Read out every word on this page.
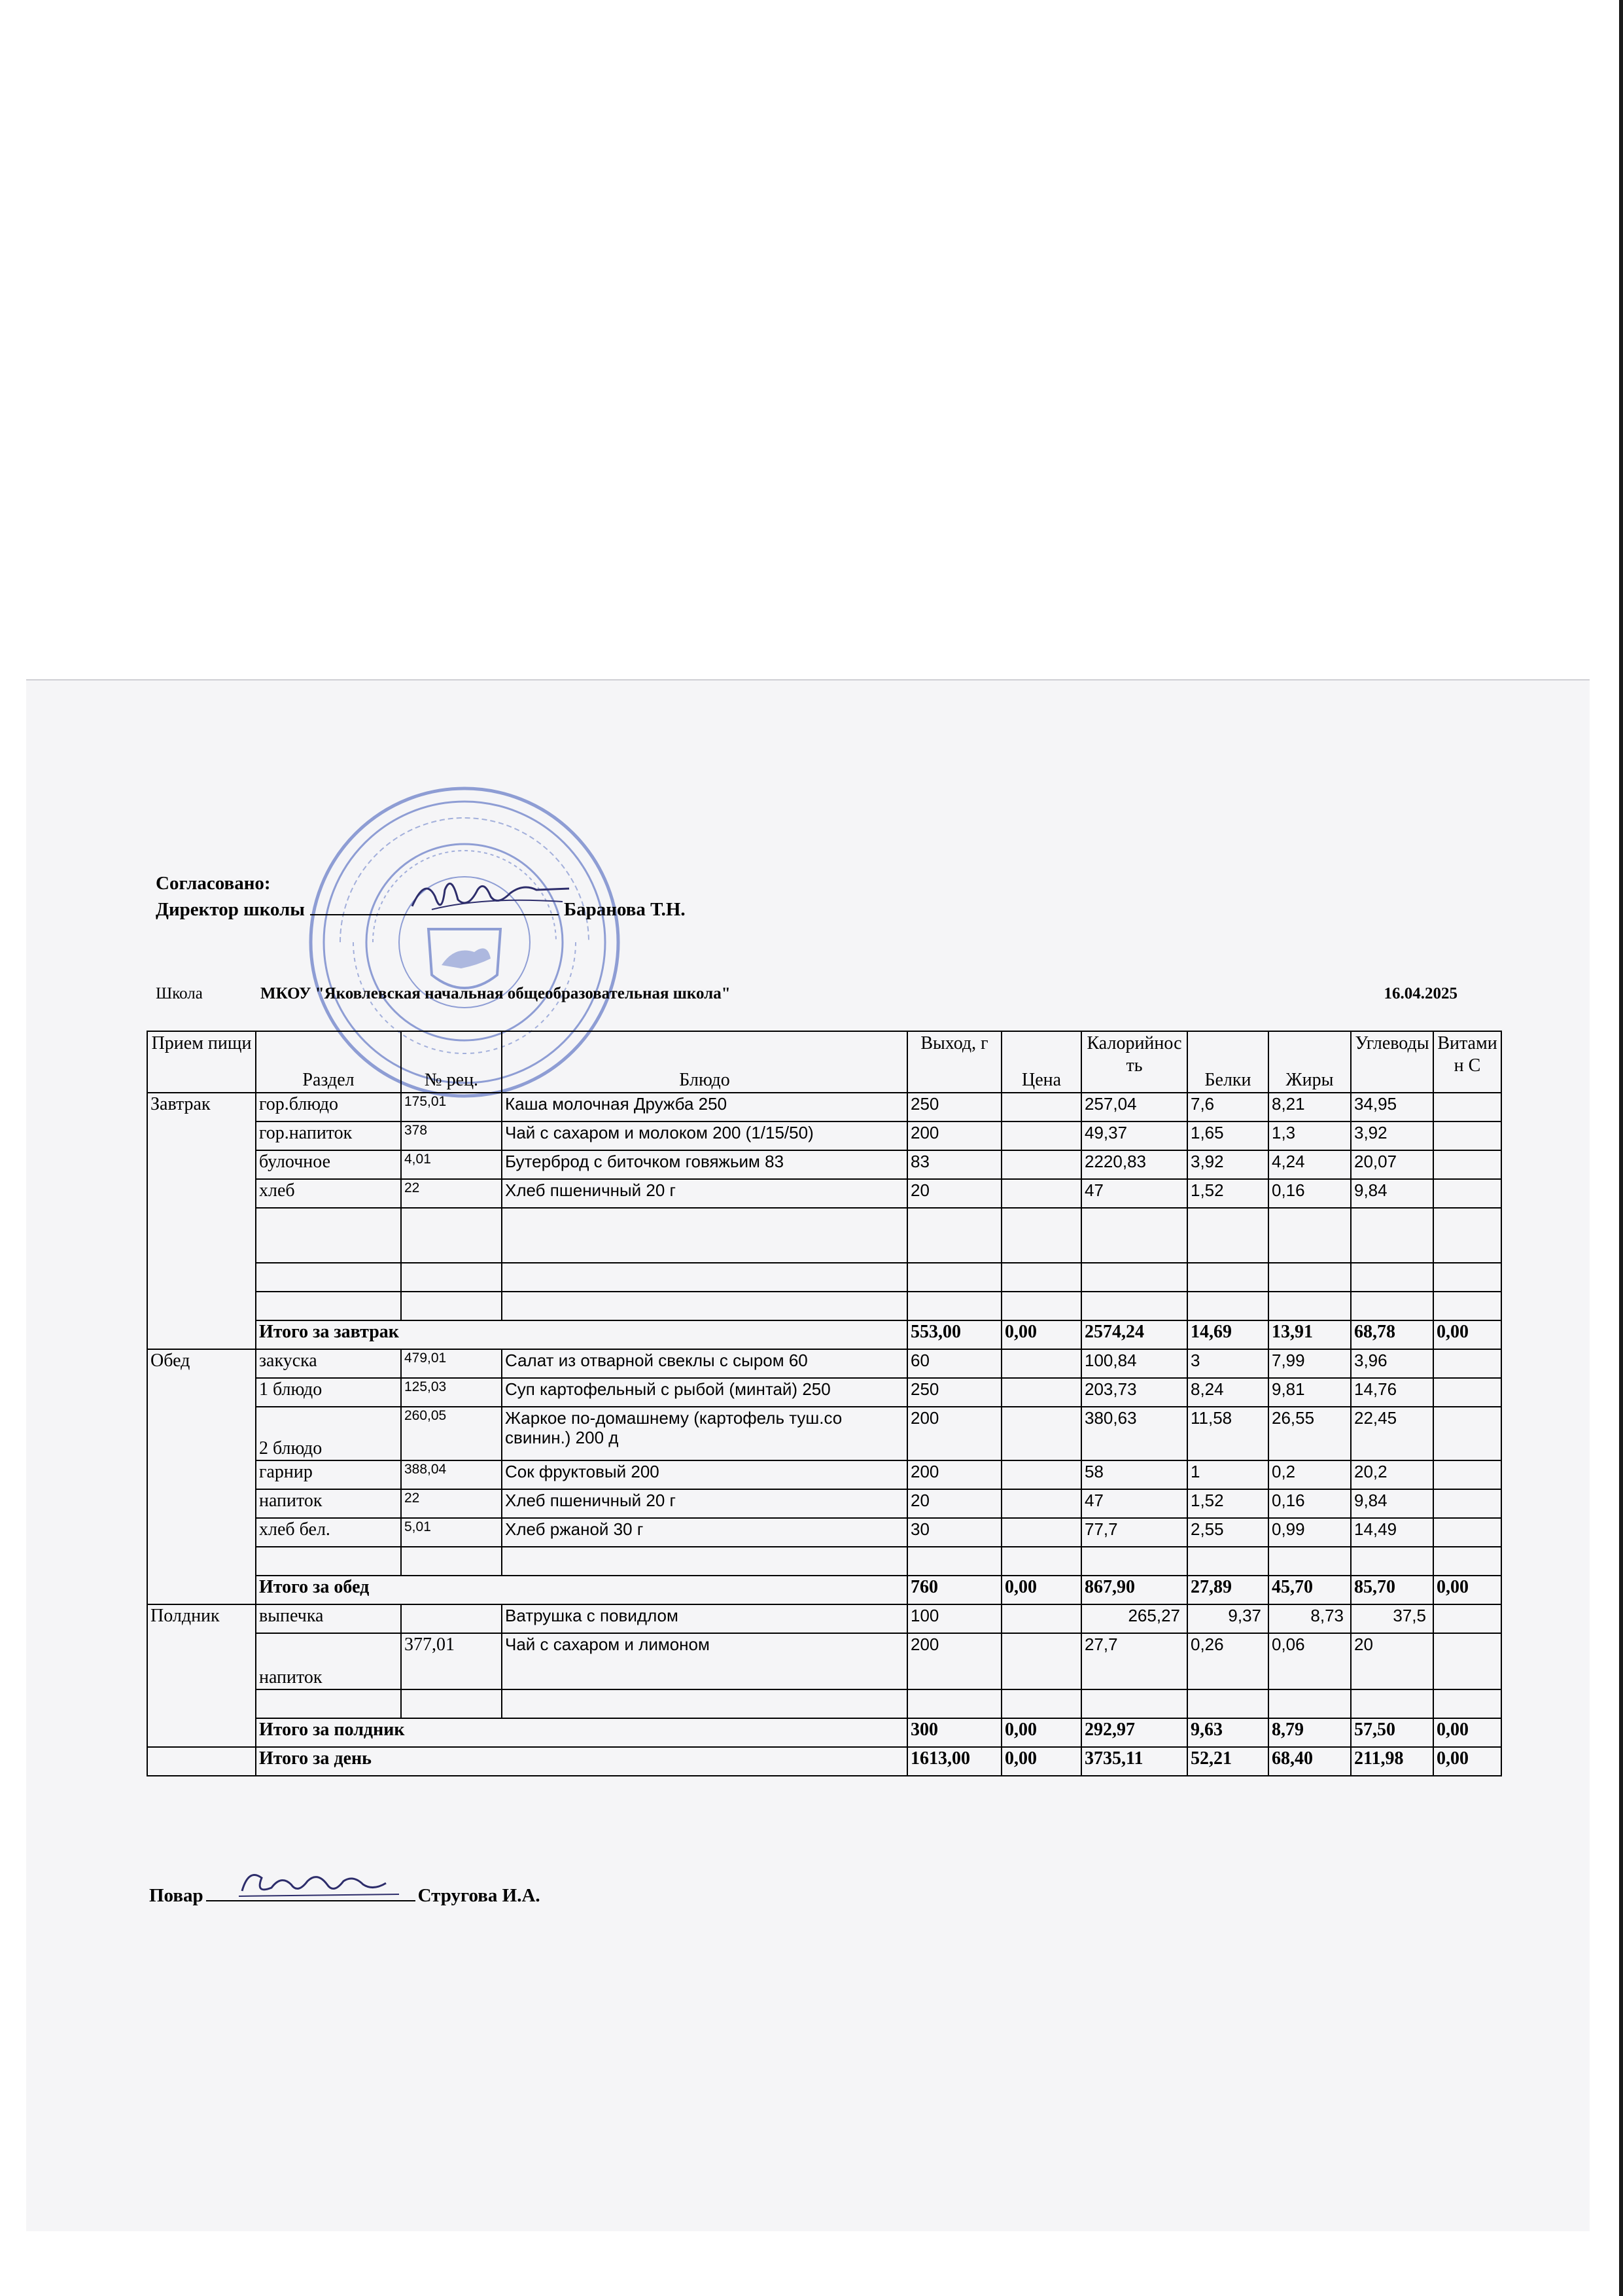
Согласовано:
Директор школы	Баранова Т.Н.
Школа	МКОУ "Яковлевская начальная общеобразовательная школа"	16.04.2025
Прием пищи	Раздел	№ рец.	Блюдо	Выход, г	Цена	Калорийность	Белки	Жиры	Углеводы	Витамин С
Завтрак	гор.блюдо	175,01	Каша молочная Дружба 250	250		257,04	7,6	8,21	34,95	
	гор.напиток	378	Чай с сахаром и молоком 200 (1/15/50)	200		49,37	1,65	1,3	3,92	
	булочное	4,01	Бутерброд с биточком говяжьим 83	83		2220,83	3,92	4,24	20,07	
	хлеб	22	Хлеб пшеничный 20 г	20		47	1,52	0,16	9,84	

	Итого за завтрак			553,00	0,00	2574,24	14,69	13,91	68,78	0,00
Обед	закуска	479,01	Салат из отварной свеклы с сыром 60	60		100,84	3	7,99	3,96	
	1 блюдо	125,03	Суп картофельный с рыбой (минтай) 250	250		203,73	8,24	9,81	14,76	
	2 блюдо	260,05	Жаркое по-домашнему (картофель туш.со свинин.) 200 д	200		380,63	11,58	26,55	22,45	
	гарнир	388,04	Сок фруктовый 200	200		58	1	0,2	20,2	
	напиток	22	Хлеб пшеничный 20 г	20		47	1,52	0,16	9,84	
	хлеб бел.	5,01	Хлеб ржаной 30 г	30		77,7	2,55	0,99	14,49	

	Итого за обед			760	0,00	867,90	27,89	45,70	85,70	0,00
Полдник	выпечка		Ватрушка с повидлом	100		265,27	9,37	8,73	37,5	
	напиток	377,01	Чай с сахаром и лимоном	200		27,7	0,26	0,06	20	

	Итого за полдник			300	0,00	292,97	9,63	8,79	57,50	0,00
	Итого за день			1613,00	0,00	3735,11	52,21	68,40	211,98	0,00
Повар	Стругова И.А.
